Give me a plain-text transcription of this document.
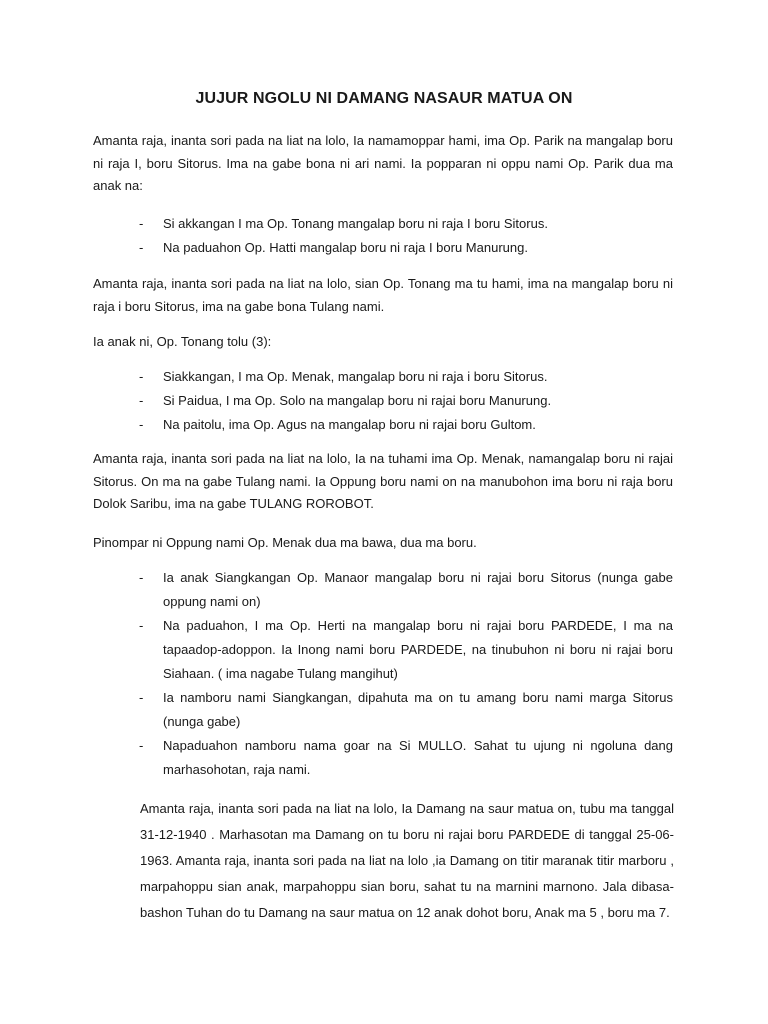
JUJUR NGOLU NI DAMANG NASAUR MATUA ON

Amanta raja, inanta sori pada na liat na lolo, Ia namamoppar hami, ima Op. Parik na mangalap boru ni raja I, boru Sitorus. Ima na gabe bona ni ari nami. Ia popparan ni oppu nami Op. Parik dua ma anak na:

- Si akkangan I ma Op. Tonang mangalap boru ni raja I boru Sitorus.
- Na paduahon Op. Hatti mangalap boru ni raja I boru Manurung.

Amanta raja, inanta sori pada na liat na lolo, sian Op. Tonang ma tu hami, ima na mangalap boru ni raja i boru Sitorus, ima na gabe bona Tulang nami.

Ia anak ni, Op. Tonang tolu (3):

- Siakkangan, I ma Op. Menak, mangalap boru ni raja i boru Sitorus.
- Si Paidua, I ma Op. Solo na mangalap boru ni rajai boru Manurung.
- Na paitolu, ima Op. Agus na mangalap boru ni rajai boru Gultom.

Amanta raja, inanta sori pada na liat na lolo, Ia na tuhami ima Op. Menak, namangalap boru ni rajai Sitorus. On ma na gabe Tulang nami. Ia Oppung boru nami on na manubohon ima boru ni raja boru Dolok Saribu, ima na gabe TULANG ROROBOT.

Pinompar ni Oppung nami Op. Menak dua ma bawa, dua ma boru.

- Ia anak Siangkangan Op. Manaor mangalap boru ni rajai boru Sitorus (nunga gabe oppung nami on)
- Na paduahon, I ma Op. Herti na mangalap boru ni rajai boru PARDEDE, I ma na tapaadop-adoppon. Ia Inong nami boru PARDEDE, na tinubuhon ni boru ni rajai boru Siahaan. ( ima nagabe Tulang mangihut)
- Ia namboru nami Siangkangan, dipahuta ma on tu amang boru nami marga Sitorus (nunga gabe)
- Napaduahon namboru nama goar na Si MULLO. Sahat tu ujung ni ngoluna dang marhasohotan, raja nami.

Amanta raja, inanta sori pada na liat na lolo, Ia Damang na saur matua on, tubu ma tanggal 31-12-1940 . Marhasotan ma Damang on tu boru ni rajai boru PARDEDE di tanggal 25-06-1963. Amanta raja, inanta sori pada na liat na lolo ,ia Damang on titir maranak titir marboru , marpahoppu sian anak, marpahoppu sian boru, sahat tu na marnini marnono. Jala dibasa-bashon Tuhan do tu Damang na saur matua on 12 anak dohot boru, Anak ma 5 , boru ma 7.
